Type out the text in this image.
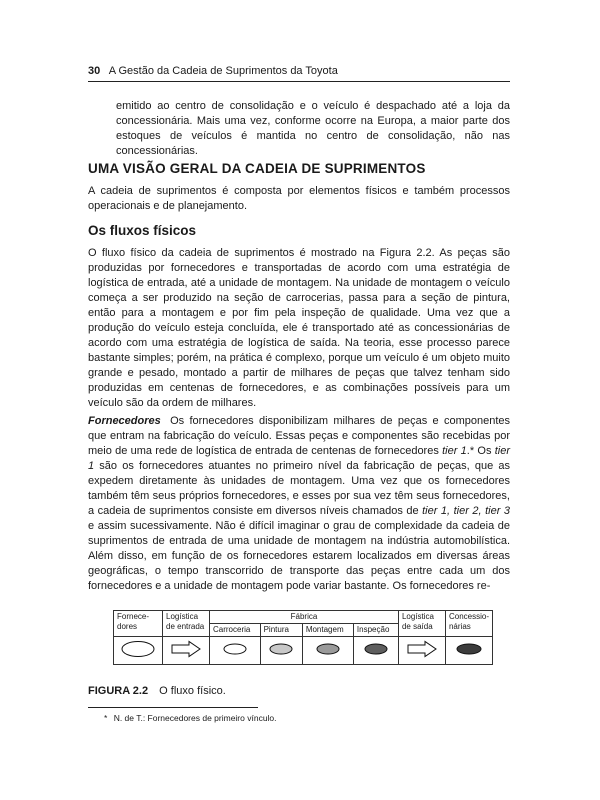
30 A Gestão da Cadeia de Suprimentos da Toyota

emitido ao centro de consolidação e o veículo é despachado até a loja da concessionária. Mais uma vez, conforme ocorre na Europa, a maior parte dos estoques de veículos é mantida no centro de consolidação, não nas concessionárias.

UMA VISÃO GERAL DA CADEIA DE SUPRIMENTOS

A cadeia de suprimentos é composta por elementos físicos e também processos operacionais e de planejamento.

Os fluxos físicos

O fluxo físico da cadeia de suprimentos é mostrado na Figura 2.2. As peças são produzidas por fornecedores e transportadas de acordo com uma estratégia de logística de entrada, até a unidade de montagem. Na unidade de montagem o veículo começa a ser produzido na seção de carrocerias, passa para a seção de pintura, então para a montagem e por fim pela inspeção de qualidade. Uma vez que a produção do veículo esteja concluída, ele é transportado até as concessionárias de acordo com uma estratégia de logística de saída. Na teoria, esse processo parece bastante simples; porém, na prática é complexo, porque um veículo é um objeto muito grande e pesado, montado a partir de milhares de peças que talvez tenham sido produzidas em centenas de fornecedores, e as combinações possíveis para um veículo são da ordem de milhares.

Fornecedores Os fornecedores disponibilizam milhares de peças e componentes que entram na fabricação do veículo. Essas peças e componentes são recebidas por meio de uma rede de logística de entrada de centenas de fornecedores tier 1.* Os tier 1 são os fornecedores atuantes no primeiro nível da fabricação de peças, que as expedem diretamente às unidades de montagem. Uma vez que os fornecedores também têm seus próprios fornecedores, e esses por sua vez têm seus fornecedores, a cadeia de suprimentos consiste em diversos níveis chamados de tier 1, tier 2, tier 3 e assim sucessivamente. Não é difícil imaginar o grau de complexidade da cadeia de suprimentos de entrada de uma unidade de montagem na indústria automobilística. Além disso, em função de os fornecedores estarem localizados em diversas áreas geográficas, o tempo transcorrido de transporte das peças entre cada um dos fornecedores e a unidade de montagem pode variar bastante. Os fornecedores re-

Fornece-dores	Logística de entrada	Fábrica				Logística de saída	Concessio-nárias
		Carroceria	Pintura	Montagem	Inspeção		

FIGURA 2.2 O fluxo físico.
* N. de T.: Fornecedores de primeiro vínculo.
